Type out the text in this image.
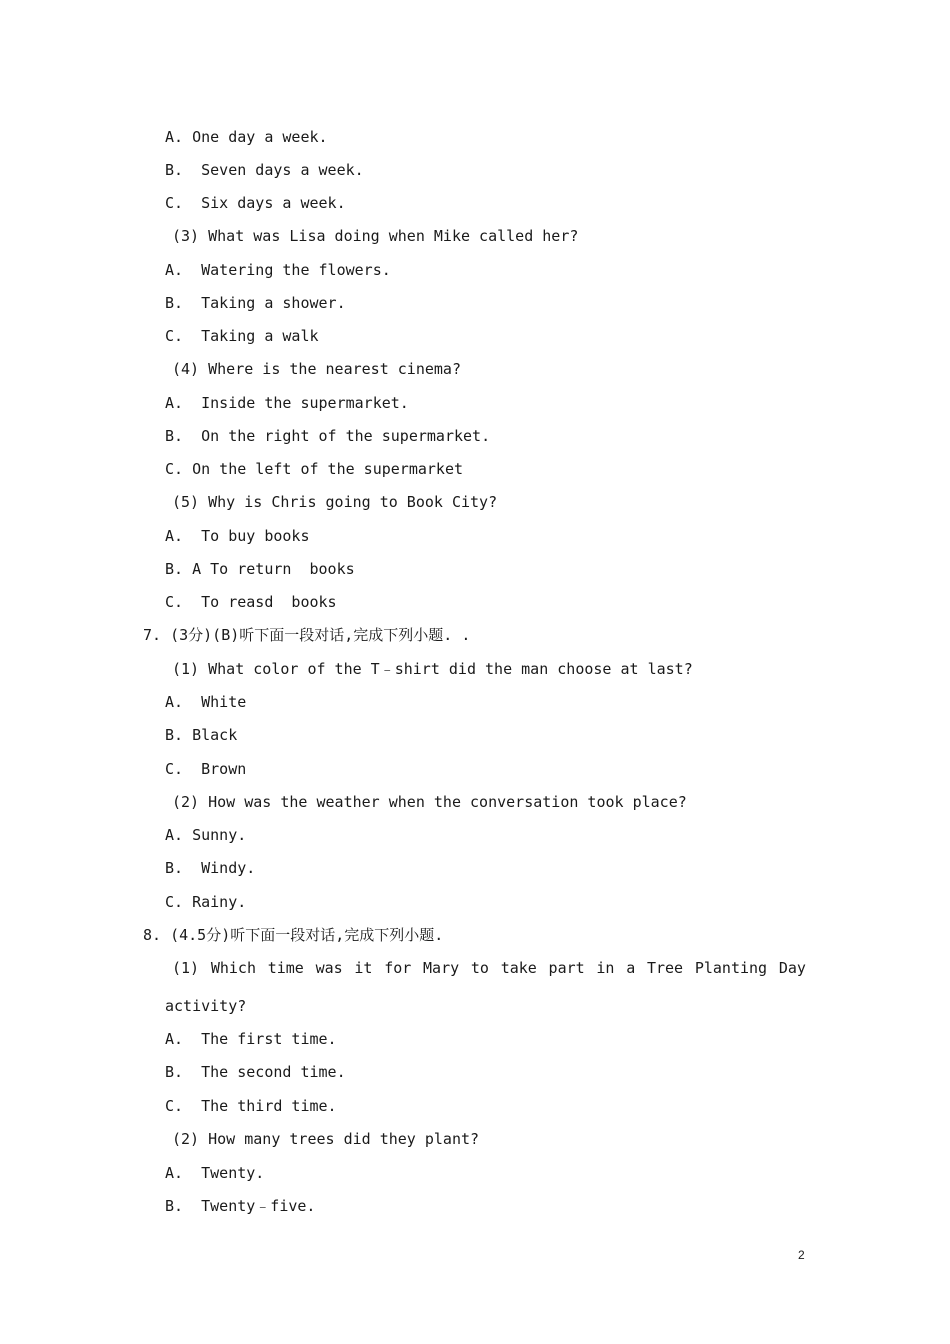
A. One day a week.
B.  Seven days a week.
C.  Six days a week.
(3) What was Lisa doing when Mike called her?
A.  Watering the flowers.
B.  Taking a shower.
C.  Taking a walk
(4) Where is the nearest cinema?
A.  Inside the supermarket.
B.  On the right of the supermarket.
C. On the left of the supermarket
(5) Why is Chris going to Book City?
A.  To buy books
B. A To return  books
C.  To reasd  books
7. (3分)(B)听下面一段对话,完成下列小题. .
(1) What color of the T﹣shirt did the man choose at last?
A.  White
B. Black
C.  Brown
(2) How was the weather when the conversation took place?
A. Sunny.
B.  Windy.
C. Rainy.
8. (4.5分)听下面一段对话,完成下列小题.
(1) Which time was it for Mary to take part in a Tree Planting Day
activity?
A.  The first time.
B.  The second time.
C.  The third time.
(2) How many trees did they plant?
A.  Twenty.
B.  Twenty﹣five.
2
